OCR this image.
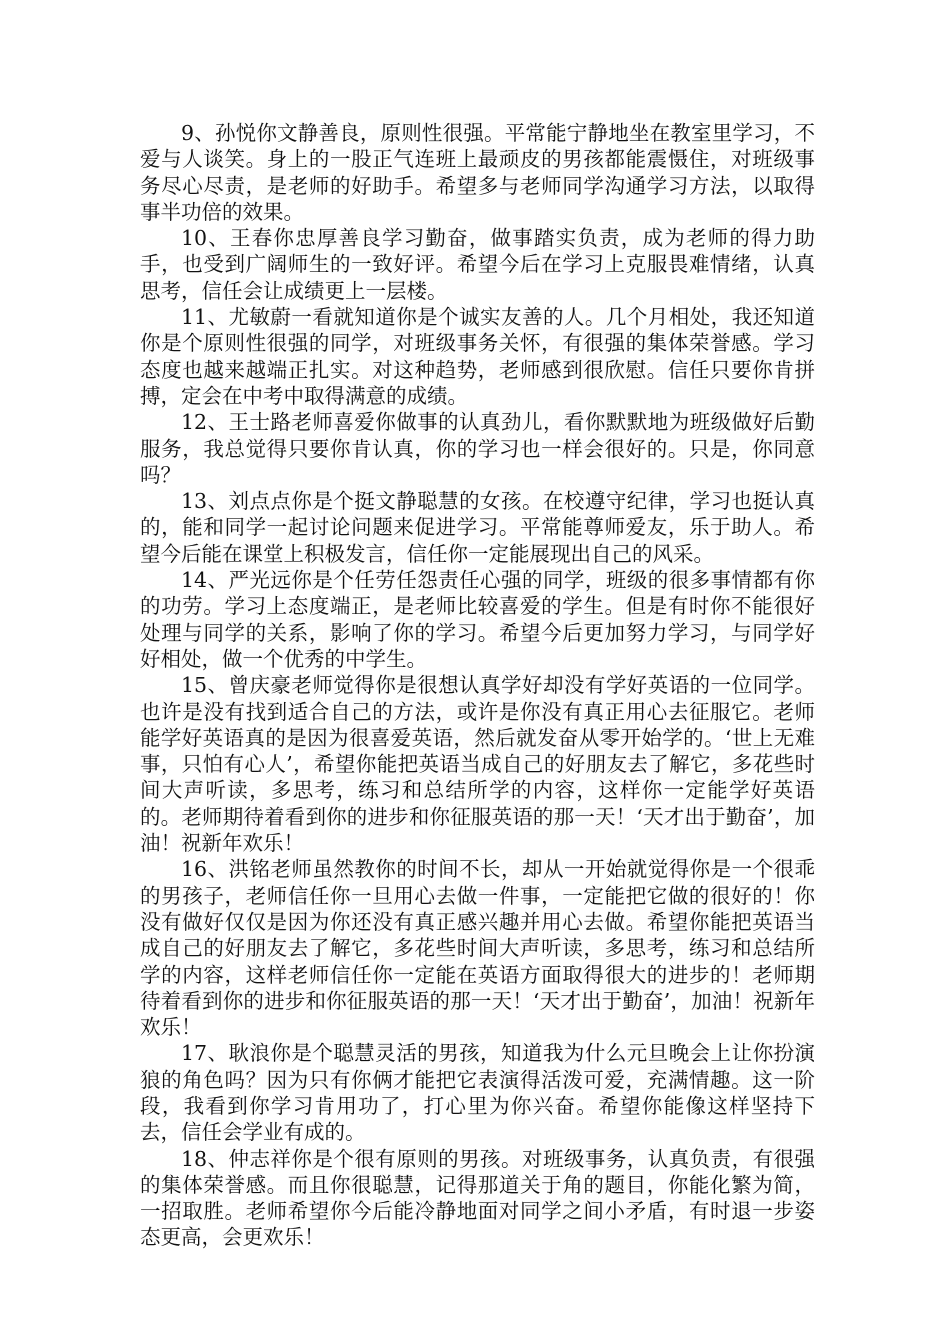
9、孙悦你文静善良，原则性很强。平常能宁静地坐在教室里学习，不爱与人谈笑。身上的一股正气连班上最顽皮的男孩都能震慑住，对班级事务尽心尽责，是老师的好助手。希望多与老师同学沟通学习方法，以取得事半功倍的效果。

10、王春你忠厚善良学习勤奋，做事踏实负责，成为老师的得力助手，也受到广阔师生的一致好评。希望今后在学习上克服畏难情绪，认真思考，信任会让成绩更上一层楼。

11、尤敏蔚一看就知道你是个诚实友善的人。几个月相处，我还知道你是个原则性很强的同学，对班级事务关怀，有很强的集体荣誉感。学习态度也越来越端正扎实。对这种趋势，老师感到很欣慰。信任只要你肯拼搏，定会在中考中取得满意的成绩。

12、王士路老师喜爱你做事的认真劲儿，看你默默地为班级做好后勤服务，我总觉得只要你肯认真，你的学习也一样会很好的。只是，你同意吗？

13、刘点点你是个挺文静聪慧的女孩。在校遵守纪律，学习也挺认真的，能和同学一起讨论问题来促进学习。平常能尊师爱友，乐于助人。希望今后能在课堂上积极发言，信任你一定能展现出自己的风采。

14、严光远你是个任劳任怨责任心强的同学，班级的很多事情都有你的功劳。学习上态度端正，是老师比较喜爱的学生。但是有时你不能很好处理与同学的关系，影响了你的学习。希望今后更加努力学习，与同学好好相处，做一个优秀的中学生。

15、曾庆豪老师觉得你是很想认真学好却没有学好英语的一位同学。也许是没有找到适合自己的方法，或许是你没有真正用心去征服它。老师能学好英语真的是因为很喜爱英语，然后就发奋从零开始学的。‘世上无难事，只怕有心人’，希望你能把英语当成自己的好朋友去了解它，多花些时间大声听读，多思考，练习和总结所学的内容，这样你一定能学好英语的。老师期待着看到你的进步和你征服英语的那一天！‘天才出于勤奋’，加油！祝新年欢乐！

16、洪铭老师虽然教你的时间不长，却从一开始就觉得你是一个很乖的男孩子，老师信任你一旦用心去做一件事，一定能把它做的很好的！你没有做好仅仅是因为你还没有真正感兴趣并用心去做。希望你能把英语当成自己的好朋友去了解它，多花些时间大声听读，多思考，练习和总结所学的内容，这样老师信任你一定能在英语方面取得很大的进步的！老师期待着看到你的进步和你征服英语的那一天！‘天才出于勤奋’，加油！祝新年欢乐！

17、耿浪你是个聪慧灵活的男孩，知道我为什么元旦晚会上让你扮演狼的角色吗？因为只有你俩才能把它表演得活泼可爱，充满情趣。这一阶段，我看到你学习肯用功了，打心里为你兴奋。希望你能像这样坚持下去，信任会学业有成的。

18、仲志祥你是个很有原则的男孩。对班级事务，认真负责，有很强的集体荣誉感。而且你很聪慧，记得那道关于角的题目，你能化繁为简，一招取胜。老师希望你今后能冷静地面对同学之间小矛盾，有时退一步姿态更高，会更欢乐！
